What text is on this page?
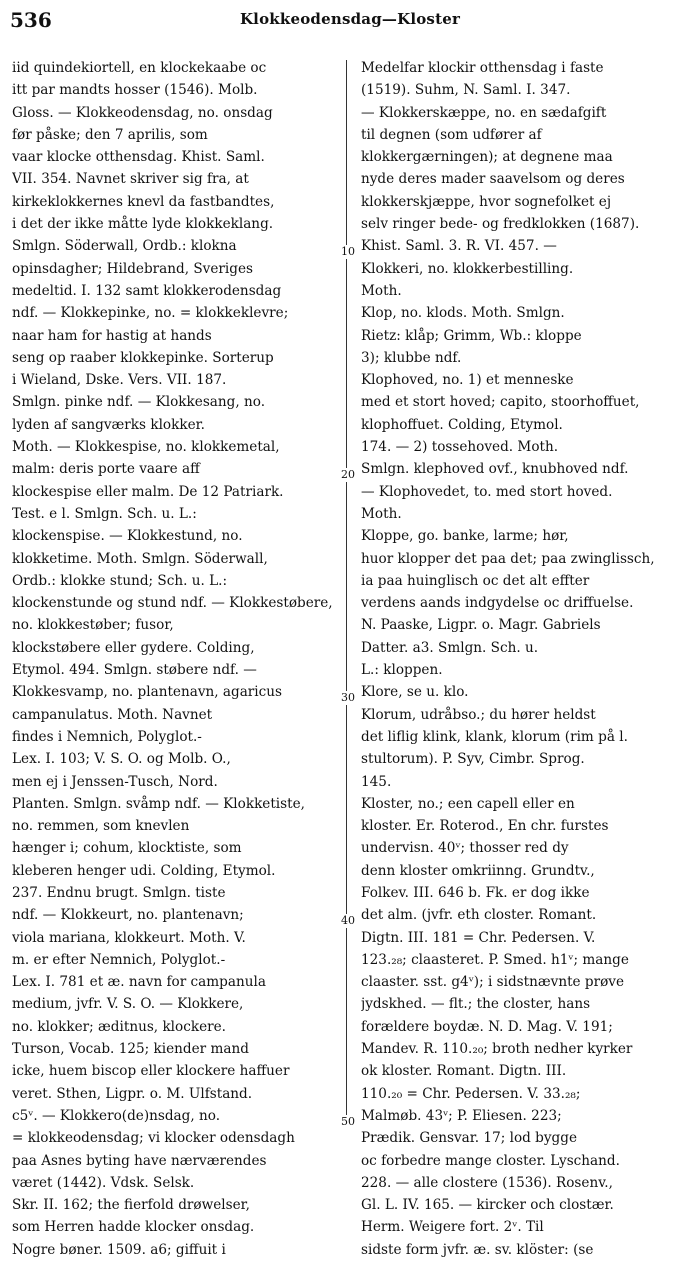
536	Klokkeodensdag—Kloster
iid quindekiortell, en klockekaabe oc
itt par mandts hosser (1546). Molb.
Gloss. — Klokkeodensdag, no. onsdag
før påske; den 7 aprilis, som
vaar klocke otthensdag. Khist. Saml.
VII. 354. Navnet skriver sig fra, at
kirkeklokkernes knevl da fastbandtes,
i det der ikke måtte lyde klokkeklang.
Smlgn. Söderwall, Ordb.: klokna
opinsdagher; Hildebrand, Sveriges
medeltid. I. 132 samt klokkerodensdag
ndf. — Klokkepinke, no. = klokkeklevre;
naar ham for hastig at hands
seng op raaber klokkepinke. Sorterup
i Wieland, Dske. Vers. VII. 187.
Smlgn. pinke ndf. — Klokkesang, no.
lyden af sangværks klokker.
Moth. — Klokkespise, no. klokkemetal,
malm: deris porte vaare aff
klockespise eller malm. De 12 Patriark.
Test. e l. Smlgn. Sch. u. L.:
klockenspise. — Klokkestund, no.
klokketime. Moth. Smlgn. Söderwall,
Ordb.: klokke stund; Sch. u. L.:
klockenstunde og stund ndf. — Klokkestøbere,
no. klokkestøber; fusor,
klockstøbere eller gydere. Colding,
Etymol. 494. Smlgn. støbere ndf. —
Klokkesvamp, no. plantenavn, agaricus
campanulatus. Moth. Navnet
findes i Nemnich, Polyglot.-
Lex. I. 103; V. S. O. og Molb. O.,
men ej i Jenssen-Tusch, Nord.
Planten. Smlgn. svåmp ndf. — Klokketiste,
no. remmen, som knevlen
hænger i; cohum, klocktiste, som
kleberen henger udi. Colding, Etymol.
237. Endnu brugt. Smlgn. tiste
ndf. — Klokkeurt, no. plantenavn;
viola mariana, klokkeurt. Moth. V.
m. er efter Nemnich, Polyglot.-
Lex. I. 781 et æ. navn for campanula
medium, jvfr. V. S. O. — Klokkere,
no. klokker; æditnus, klockere.
Turson, Vocab. 125; kiender mand
icke, huem biscop eller klockere haffuer
veret. Sthen, Ligpr. o. M. Ulfstand.
c5ᵛ. — Klokkero(de)nsdag, no.
= klokkeodensdag; vi klocker odensdagh
paa Asnes byting have nærværendes
været (1442). Vdsk. Selsk.
Skr. II. 162; the fierfold drøwelser,
som Herren hadde klocker onsdag.
Nogre bøner. 1509. a6; giffuit i
Medelfar klockir otthensdag i faste
(1519). Suhm, N. Saml. I. 347.
— Klokkerskæppe, no. en sædafgift
til degnen (som udfører af
klokkergærningen); at degnene maa
nyde deres mader saavelsom og deres
klokkerskjæppe, hvor sognefolket ej
selv ringer bede- og fredklokken (1687).
Khist. Saml. 3. R. VI. 457. —
Klokkeri, no. klokkerbestilling.
Moth.
Klop, no. klods. Moth. Smlgn.
Rietz: klåp; Grimm, Wb.: kloppe
3); klubbe ndf.
Klophoved, no. 1) et menneske
med et stort hoved; capito, stoorhoffuet,
klophoffuet. Colding, Etymol.
174. — 2) tossehoved. Moth.
Smlgn. klephoved ovf., knubhoved ndf.
— Klophovedet, to. med stort hoved.
Moth.
Kloppe, go. banke, larme; hør,
huor klopper det paa det; paa zwinglissch,
ia paa huinglisch oc det alt effter
verdens aands indgydelse oc driffuelse.
N. Paaske, Ligpr. o. Magr. Gabriels
Datter. a3. Smlgn. Sch. u.
L.: kloppen.
Klore, se u. klo.
Klorum, udråbso.; du hører heldst
det liflig klink, klank, klorum (rim på l.
stultorum). P. Syv, Cimbr. Sprog.
145.
Kloster, no.; een capell eller en
kloster. Er. Roterod., En chr. furstes
undervisn. 40ᵛ; thosser red dy
denn kloster omkriinng. Grundtv.,
Folkev. III. 646 b. Fk. er dog ikke
det alm. (jvfr. eth closter. Romant.
Digtn. III. 181 = Chr. Pedersen. V.
123.₂₈; claasteret. P. Smed. h1ᵛ; mange
claaster. sst. g4ᵛ); i sidstnævnte prøve
jydskhed. — flt.; the closter, hans
forældere boydæ. N. D. Mag. V. 191;
Mandev. R. 110.₂₀; broth nedher kyrker
ok kloster. Romant. Digtn. III.
110.₂₀ = Chr. Pedersen. V. 33.₂₈;
Malmøb. 43ᵛ; P. Eliesen. 223;
Prædik. Gensvar. 17; lod bygge
oc forbedre mange closter. Lyschand.
228. — alle clostere (1536). Rosenv.,
Gl. L. IV. 165. — kircker och clostær.
Herm. Weigere fort. 2ᵛ. Til
sidste form jvfr. æ. sv. klöster: (se
10
20
30
40
50
